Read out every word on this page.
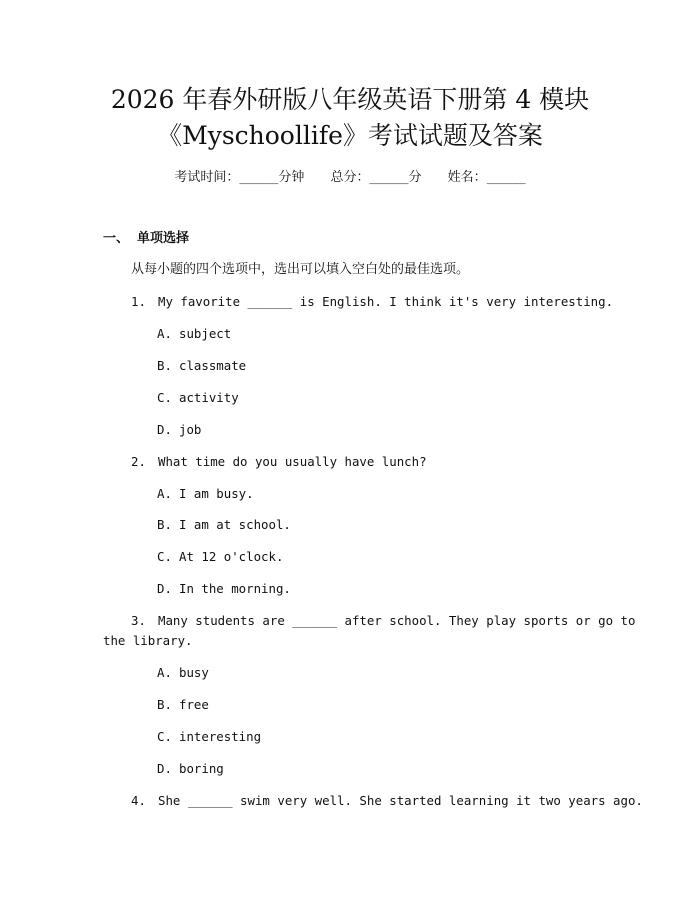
2026 年春外研版八年级英语下册第 4 模块
《Myschoollife》考试试题及答案
考试时间：______分钟 总分：______分 姓名：______
一、 单项选择
从每小题的四个选项中，选出可以填入空白处的最佳选项。
1. My favorite ______ is English. I think it's very interesting.
A. subject
B. classmate
C. activity
D. job
2. What time do you usually have lunch?
A. I am busy.
B. I am at school.
C. At 12 o'clock.
D. In the morning.
3. Many students are ______ after school. They play sports or go to
the library.
A. busy
B. free
C. interesting
D. boring
4. She ______ swim very well. She started learning it two years ago.
